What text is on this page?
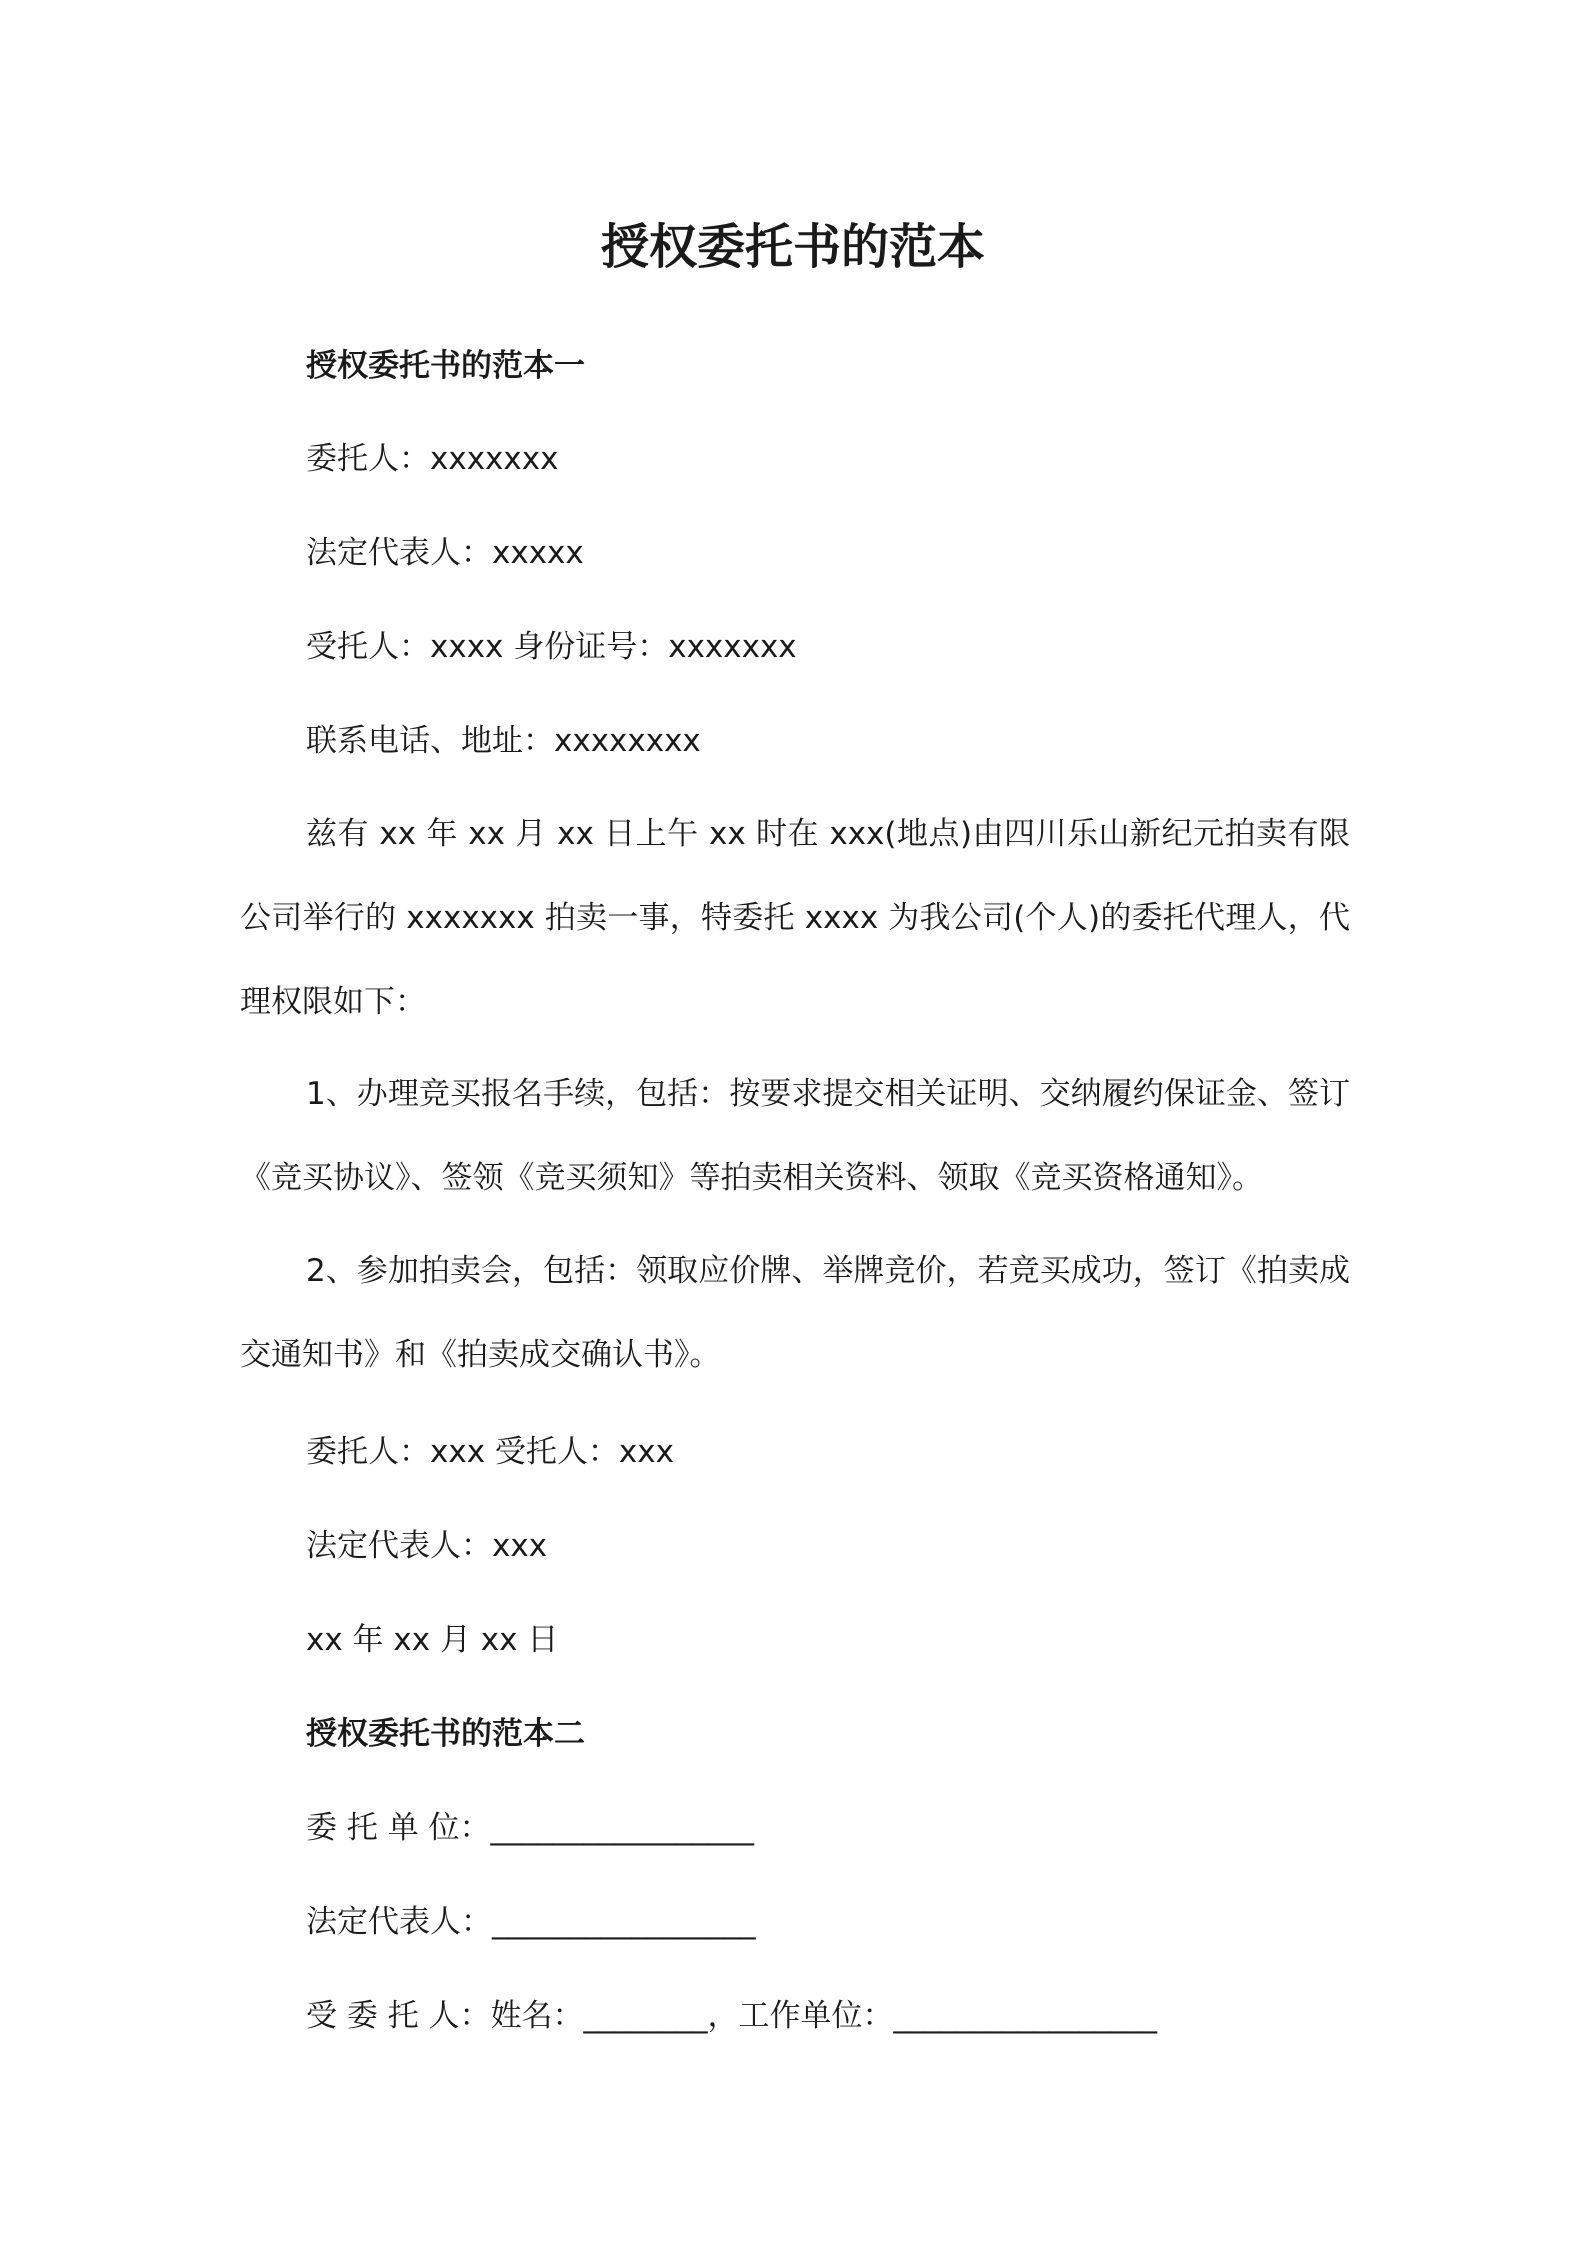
授权委托书的范本

授权委托书的范本一

委托人：xxxxxxx

法定代表人：xxxxx

受托人：xxxx 身份证号：xxxxxxx

联系电话、地址：xxxxxxxx

兹有 xx 年 xx 月 xx 日上午 xx 时在 xxx(地点)由四川乐山新纪元拍卖有限公司举行的 xxxxxxx 拍卖一事，特委托 xxxx 为我公司(个人)的委托代理人，代理权限如下：

1、办理竞买报名手续，包括：按要求提交相关证明、交纳履约保证金、签订《竞买协议》、签领《竞买须知》等拍卖相关资料、领取《竞买资格通知》。

2、参加拍卖会，包括：领取应价牌、举牌竞价，若竞买成功，签订《拍卖成交通知书》和《拍卖成交确认书》。

委托人：xxx 受托人：xxx

法定代表人：xxx

xx 年 xx 月 xx 日

授权委托书的范本二

委 托 单 位：_________________

法定代表人：_________________

受 委 托 人：姓名：________，工作单位：_________________
